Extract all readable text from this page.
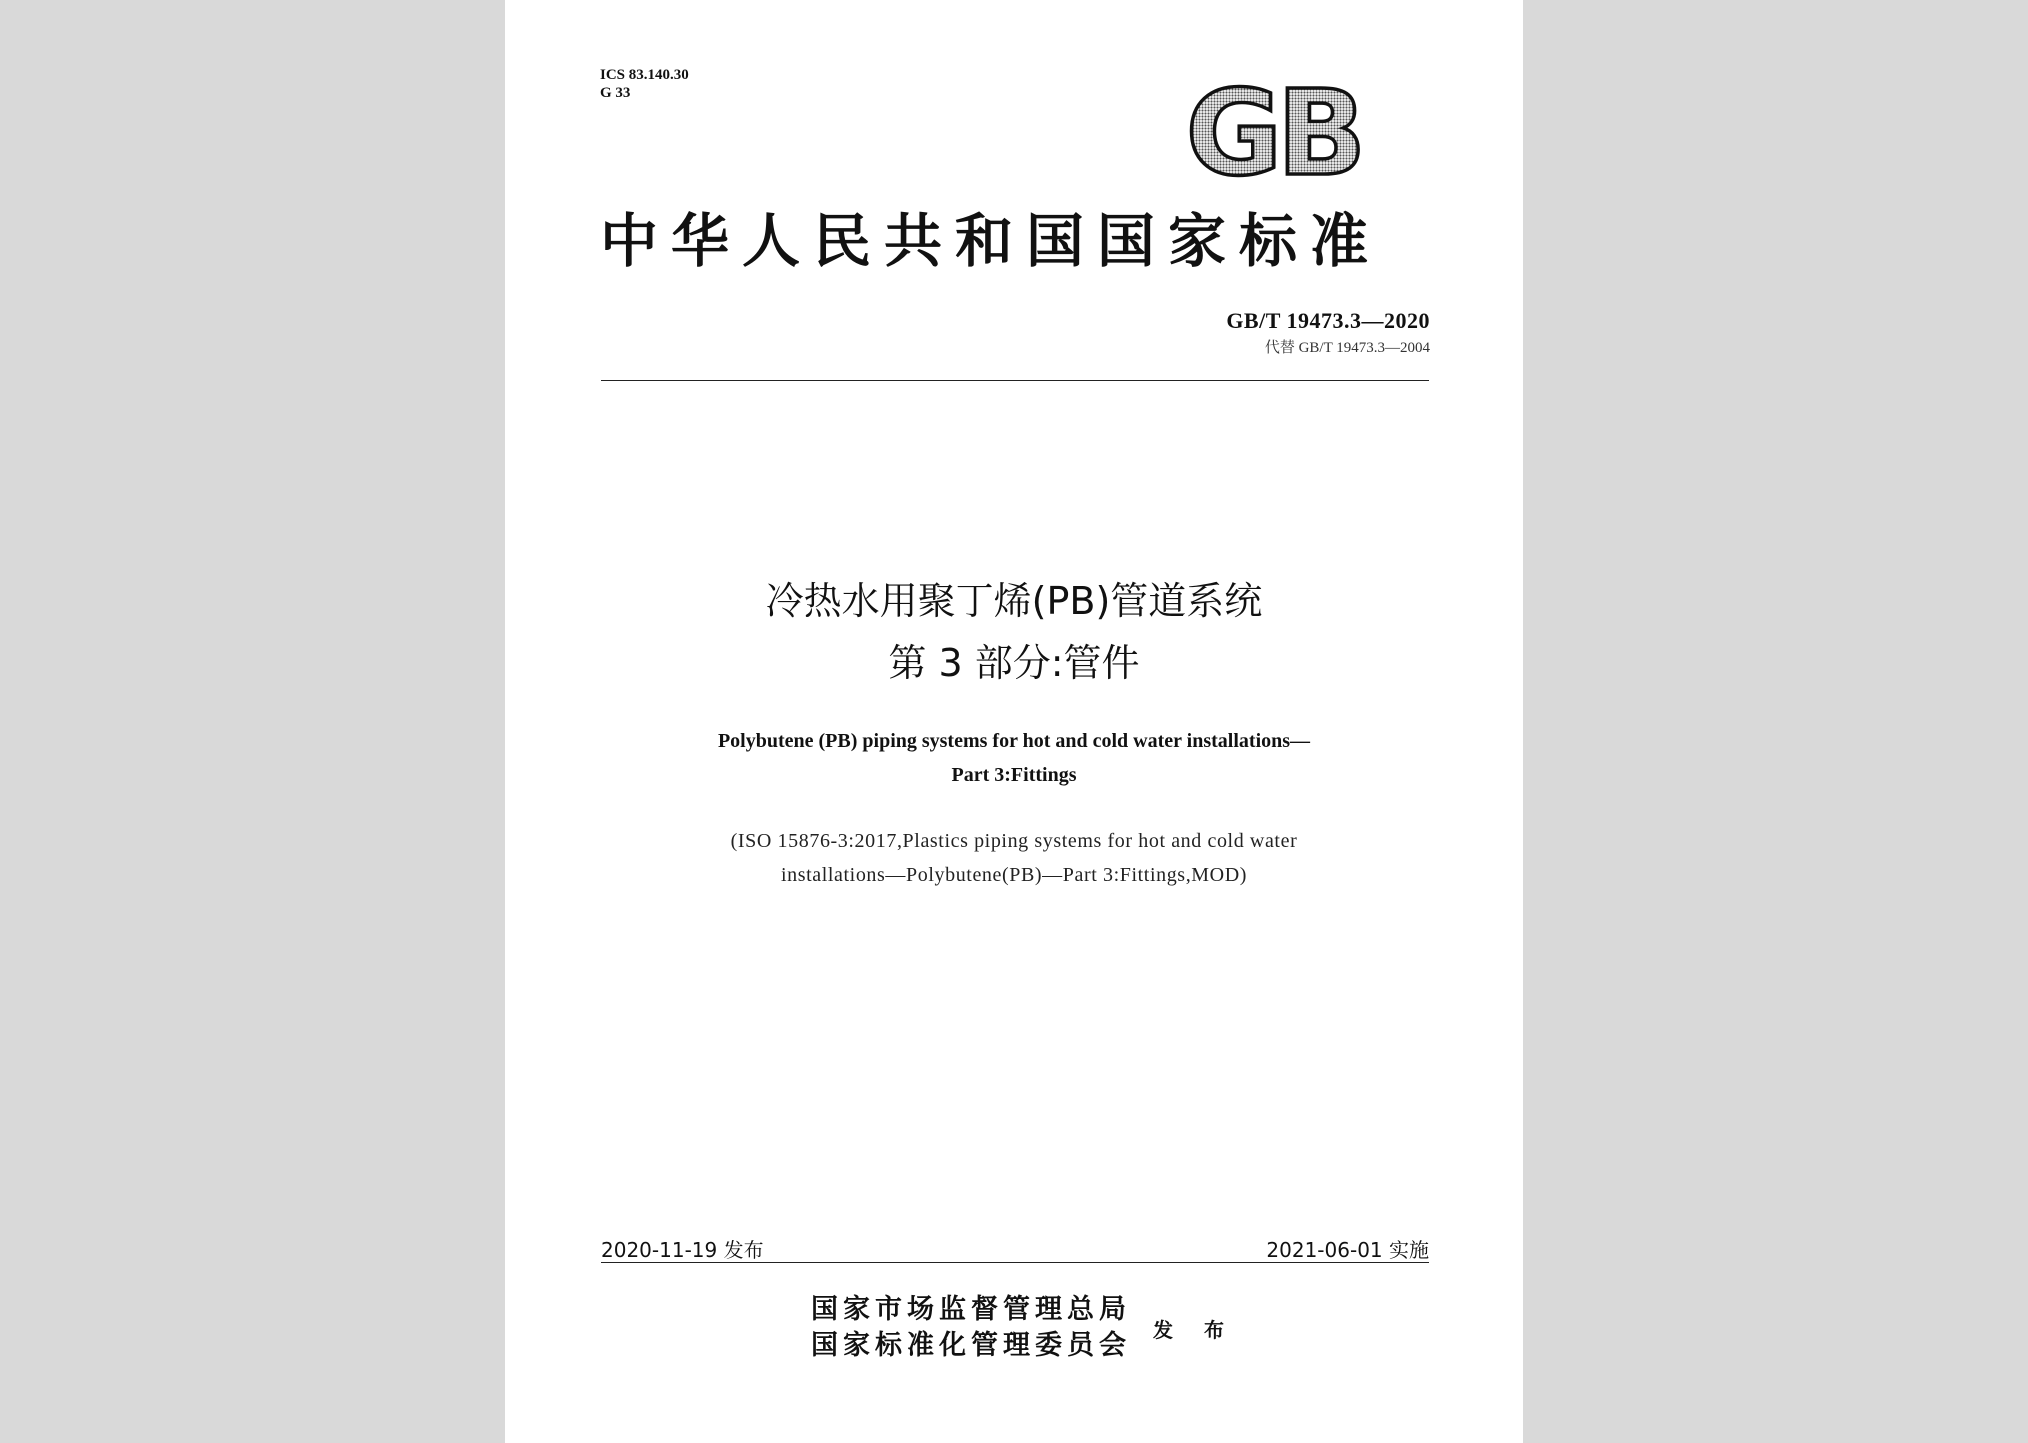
ICS 83.140.30
G 33	GB
中华人民共和国国家标准
GB/T 19473.3—2020
代替 GB/T 19473.3—2004
冷热水用聚丁烯(PB)管道系统
第 3 部分:管件
Polybutene (PB) piping systems for hot and cold water installations—
Part 3:Fittings
(ISO 15876-3:2017,Plastics piping systems for hot and cold water
installations—Polybutene(PB)—Part 3:Fittings,MOD)
2020-11-19 发布	2021-06-01 实施
国家市场监督管理总局
国家标准化管理委员会
发 布
